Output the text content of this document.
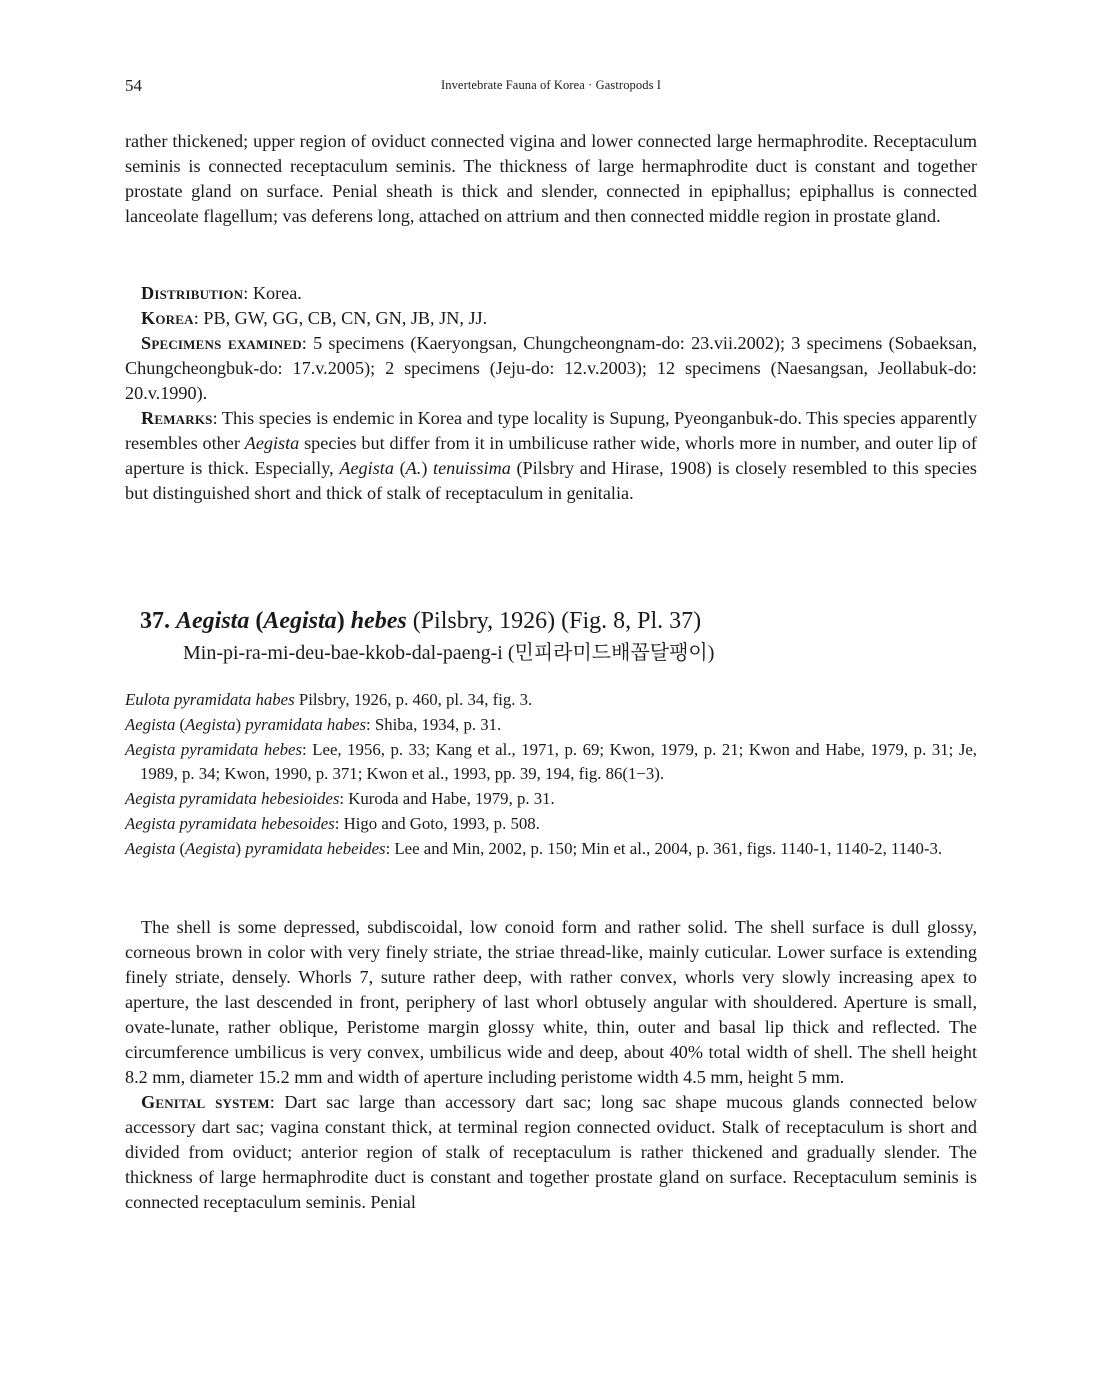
54	Invertebrate Fauna of Korea · Gastropods I

rather thickened; upper region of oviduct connected vigina and lower connected large hermaphrodite. Receptaculum seminis is connected receptaculum seminis. The thickness of large hermaphrodite duct is constant and together prostate gland on surface. Penial sheath is thick and slender, connected in epiphallus; epiphallus is connected lanceolate flagellum; vas deferens long, attached on attrium and then connected middle region in prostate gland.

Distribution: Korea.

Korea: PB, GW, GG, CB, CN, GN, JB, JN, JJ.

Specimens examined: 5 specimens (Kaeryongsan, Chungcheongnam-do: 23.vii.2002); 3 specimens (Sobaeksan, Chungcheongbuk-do: 17.v.2005); 2 specimens (Jeju-do: 12.v.2003); 12 specimens (Naesangsan, Jeollabuk-do: 20.v.1990).

Remarks: This species is endemic in Korea and type locality is Supung, Pyeonganbuk-do. This species apparently resembles other Aegista species but differ from it in umbilicuse rather wide, whorls more in number, and outer lip of aperture is thick. Especially, Aegista (A.) tenuissima (Pilsbry and Hirase, 1908) is closely resembled to this species but distinguished short and thick of stalk of receptaculum in genitalia.

37. Aegista (Aegista) hebes (Pilsbry, 1926) (Fig. 8, Pl. 37)

Min-pi-ra-mi-deu-bae-kkob-dal-paeng-i (민피라미드배꼽달팽이)

Eulota pyramidata habes Pilsbry, 1926, p. 460, pl. 34, fig. 3.

Aegista (Aegista) pyramidata habes: Shiba, 1934, p. 31.

Aegista pyramidata hebes: Lee, 1956, p. 33; Kang et al., 1971, p. 69; Kwon, 1979, p. 21; Kwon and Habe, 1979, p. 31; Je, 1989, p. 34; Kwon, 1990, p. 371; Kwon et al., 1993, pp. 39, 194, fig. 86(1−3).

Aegista pyramidata hebesioides: Kuroda and Habe, 1979, p. 31.

Aegista pyramidata hebesoides: Higo and Goto, 1993, p. 508.

Aegista (Aegista) pyramidata hebeides: Lee and Min, 2002, p. 150; Min et al., 2004, p. 361, figs. 1140-1, 1140-2, 1140-3.

The shell is some depressed, subdiscoidal, low conoid form and rather solid. The shell surface is dull glossy, corneous brown in color with very finely striate, the striae thread-like, mainly cuticular. Lower surface is extending finely striate, densely. Whorls 7, suture rather deep, with rather convex, whorls very slowly increasing apex to aperture, the last descended in front, periphery of last whorl obtusely angular with shouldered. Aperture is small, ovate-lunate, rather oblique, Peristome margin glossy white, thin, outer and basal lip thick and reflected. The circumference umbilicus is very convex, umbilicus wide and deep, about 40% total width of shell. The shell height 8.2 mm, diameter 15.2 mm and width of aperture including peristome width 4.5 mm, height 5 mm.

Genital system: Dart sac large than accessory dart sac; long sac shape mucous glands connected below accessory dart sac; vagina constant thick, at terminal region connected oviduct. Stalk of receptaculum is short and divided from oviduct; anterior region of stalk of receptaculum is rather thickened and gradually slender. The thickness of large hermaphrodite duct is constant and together prostate gland on surface. Receptaculum seminis is connected receptaculum seminis. Penial
